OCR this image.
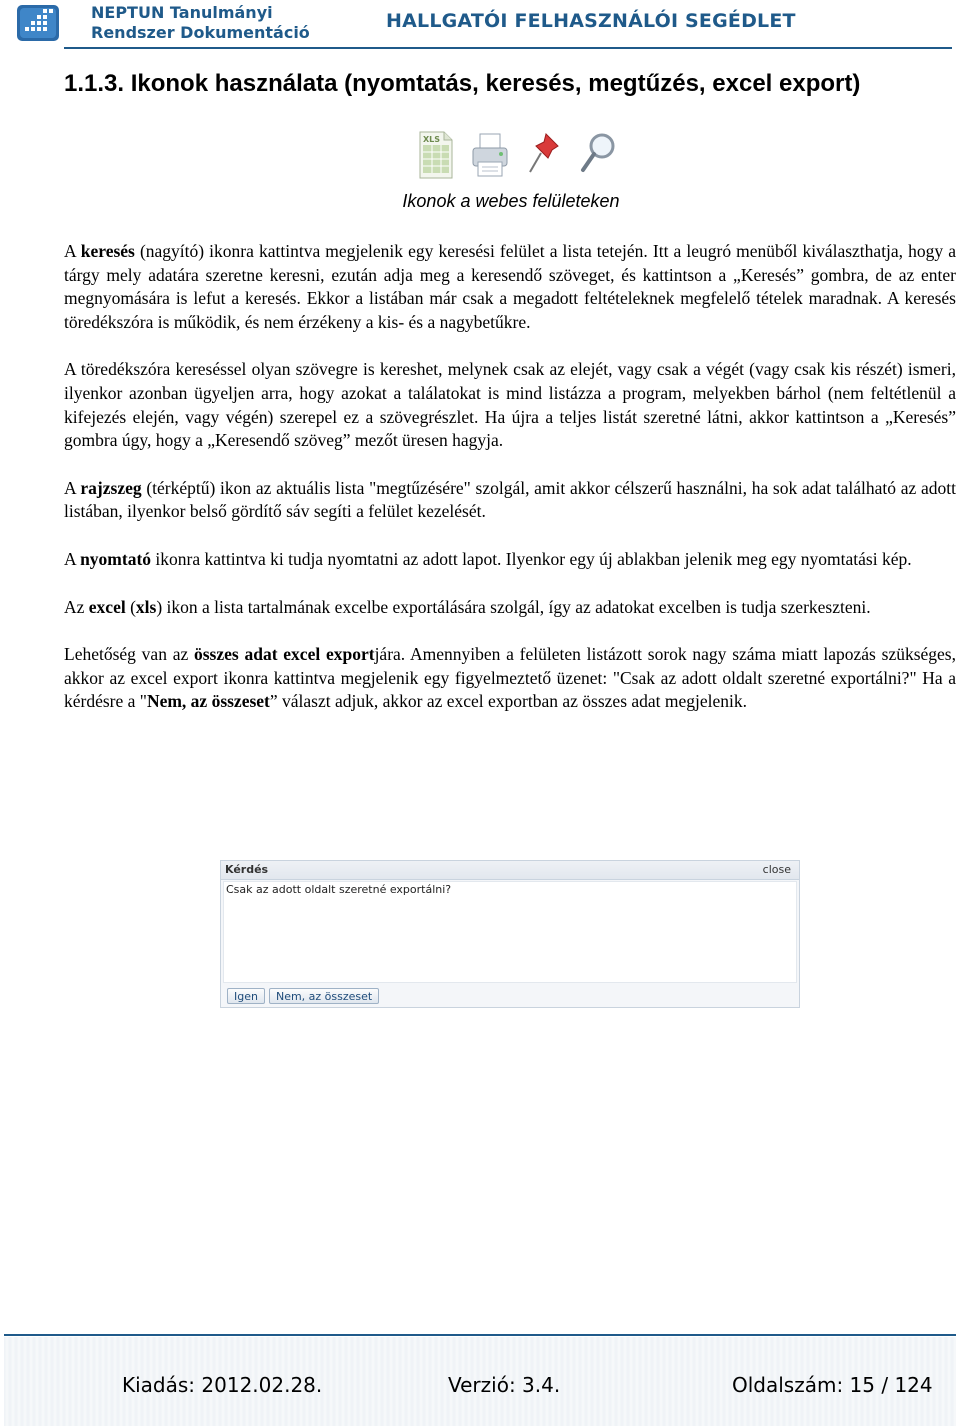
NEPTUN Tanulmányi
Rendszer Dokumentáció
HALLGATÓI FELHASZNÁLÓI SEGÉDLET
1.1.3. Ikonok használata (nyomtatás, keresés, megtűzés, excel export)
XLS
Ikonok a webes felületeken

A keresés (nagyító) ikonra kattintva megjelenik egy keresési felület a lista tetején. Itt a leugró menüből kiválaszthatja, hogy a tárgy mely adatára szeretne keresni, ezután adja meg a keresendő szöveget, és kattintson a „Keresés” gombra, de az enter megnyomására is lefut a keresés. Ekkor a listában már csak a megadott feltételeknek megfelelő tételek maradnak. A keresés töredékszóra is működik, és nem érzékeny a kis- és a nagybetűkre.

A töredékszóra kereséssel olyan szövegre is kereshet, melynek csak az elejét, vagy csak a végét (vagy csak kis részét) ismeri, ilyenkor azonban ügyeljen arra, hogy azokat a találatokat is mind listázza a program, melyekben bárhol (nem feltétlenül a kifejezés elején, vagy végén) szerepel ez a szövegrészlet. Ha újra a teljes listát szeretné látni, akkor kattintson a „Keresés” gombra úgy, hogy a „Keresendő szöveg” mezőt üresen hagyja.

A rajzszeg (térképtű) ikon az aktuális lista "megtűzésére" szolgál, amit akkor célszerű használni, ha sok adat található az adott listában, ilyenkor belső gördítő sáv segíti a felület kezelését.

A nyomtató ikonra kattintva ki tudja nyomtatni az adott lapot. Ilyenkor egy új ablakban jelenik meg egy nyomtatási kép.

Az excel (xls) ikon a lista tartalmának excelbe exportálására szolgál, így az adatokat excelben is tudja szerkeszteni.

Lehetőség van az összes adat excel exportjára. Amennyiben a felületen listázott sorok nagy száma miatt lapozás szükséges, akkor az excel export ikonra kattintva megjelenik egy figyelmeztető üzenet: "Csak az adott oldalt szeretné exportálni?" Ha a kérdésre a "Nem, az összeset” választ adjuk, akkor az excel exportban az összes adat megjelenik.

Kérdés	close
Csak az adott oldalt szeretné exportálni?
Igen	Nem, az összeset
Kiadás: 2012.02.28.	Verzió: 3.4.	Oldalszám: 15 / 124
